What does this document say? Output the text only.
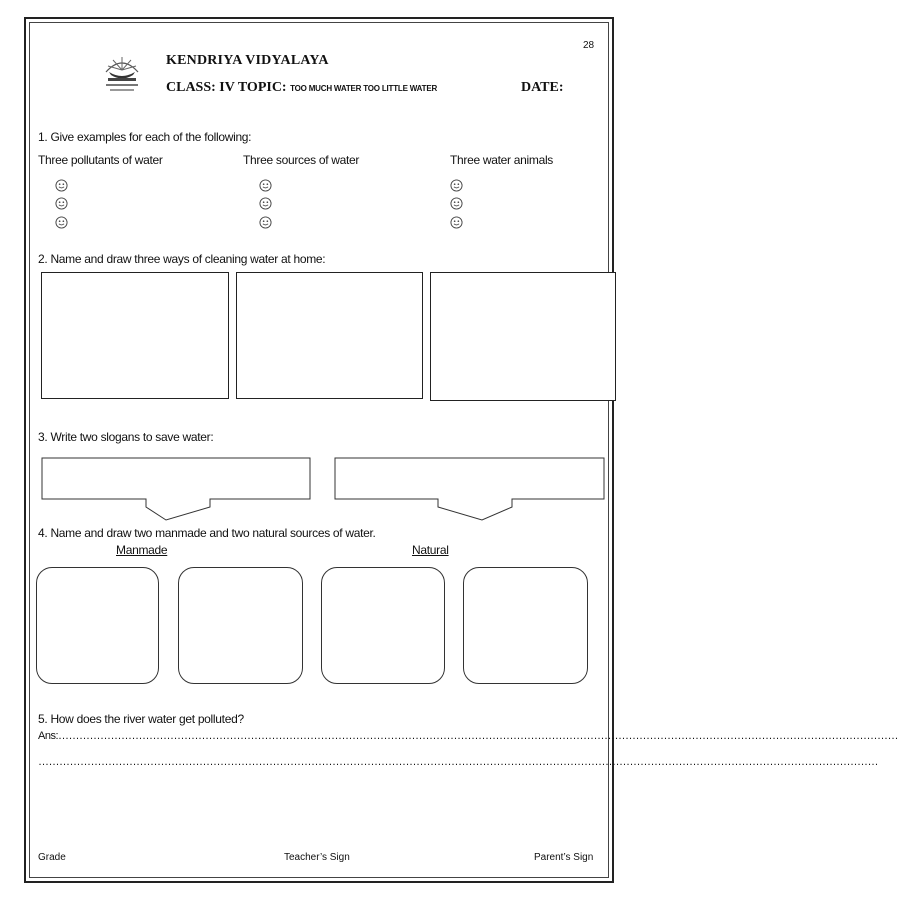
28
KENDRIYA VIDYALAYA
CLASS: IV TOPIC: TOO MUCH WATER TOO LITTLE WATER	DATE:
1. Give examples for each of the following:
Three pollutants of water	Three sources of water	Three water animals
2. Name and draw three ways of cleaning water at home:
3. Write two slogans to save water:
4. Name and draw two manmade and two natural sources of water.
Manmade	Natural
5. How does the river water get polluted?
Ans:……………………………………………………………………………………………………………………………………………………………………………………………………………………
……………………………………………………………………………………………………………………………………………………………………………………………………………………
Grade	Teacher’s Sign	Parent’s Sign
